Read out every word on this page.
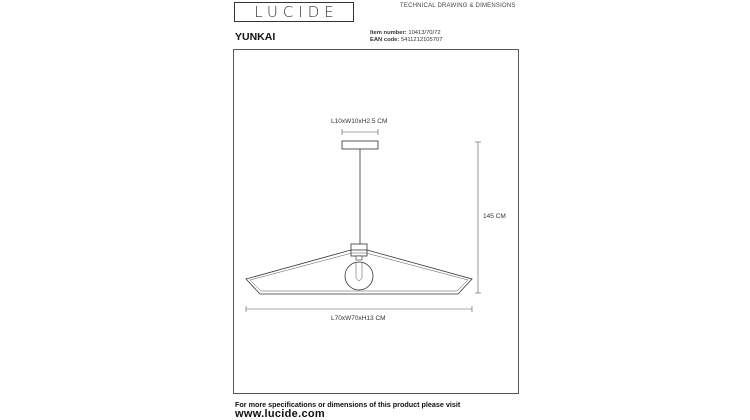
LUCIDE	TECHNICAL DRAWING & DIMENSIONS
YUNKAI	Item number: 10413/70/72
EAN code: 5411212105707
L10xW10xH2.5 CM
145 CM
L70xW70xH13 CM
For more specifications or dimensions of this product please visit
www.lucide.com
